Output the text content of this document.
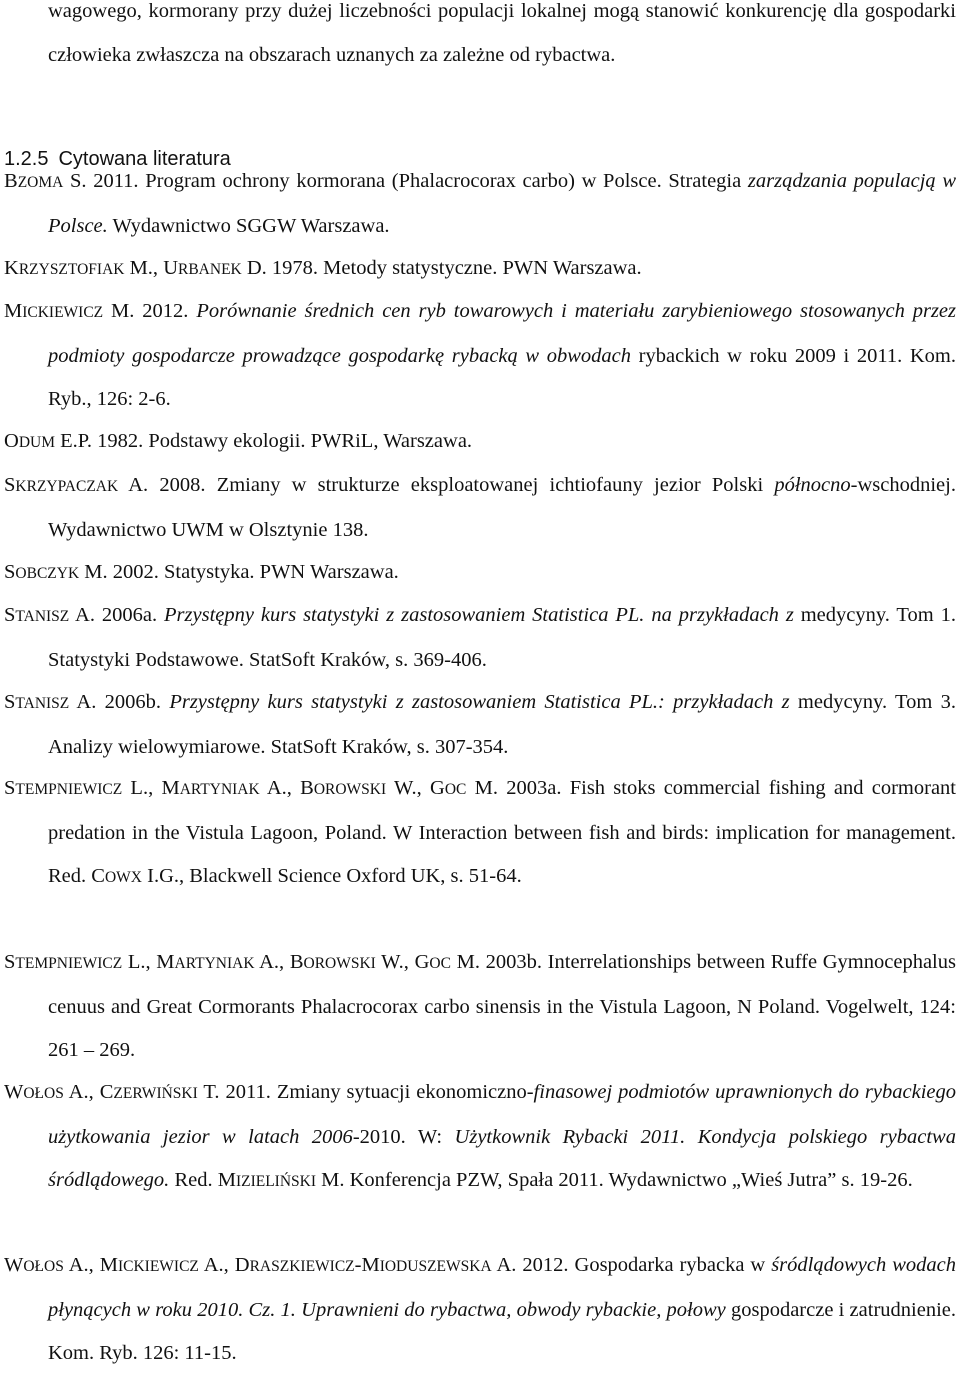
wagowego, kormorany przy dużej liczebności populacji lokalnej mogą stanowić konkurencję dla gospodarki człowieka zwłaszcza na obszarach uznanych za zależne od rybactwa.
1.2.5 Cytowana literatura
BZOMA S. 2011. Program ochrony kormorana (Phalacrocorax carbo) w Polsce. Strategia zarządzania populacją w Polsce. Wydawnictwo SGGW Warszawa.
KRZYSZTOFIAK M., URBANEK D. 1978. Metody statystyczne. PWN Warszawa.
MICKIEWICZ M. 2012. Porównanie średnich cen ryb towarowych i materiału zarybieniowego stosowanych przez podmioty gospodarcze prowadzące gospodarkę rybacką w obwodach rybackich w roku 2009 i 2011. Kom. Ryb., 126: 2-6.
ODUM E.P. 1982. Podstawy ekologii. PWRiL, Warszawa.
SKRZYPACZAK A. 2008. Zmiany w strukturze eksploatowanej ichtiofauny jezior Polski północno-wschodniej. Wydawnictwo UWM w Olsztynie 138.
SOBCZYK M. 2002. Statystyka. PWN Warszawa.
STANISZ A. 2006a. Przystępny kurs statystyki z zastosowaniem Statistica PL. na przykładach z medycyny. Tom 1. Statystyki Podstawowe. StatSoft Kraków, s. 369-406.
STANISZ A. 2006b. Przystępny kurs statystyki z zastosowaniem Statistica PL.: przykładach z medycyny. Tom 3. Analizy wielowymiarowe. StatSoft Kraków, s. 307-354.
STEMPNIEWICZ L., MARTYNIAK A., BOROWSKI W., GOC M. 2003a. Fish stoks commercial fishing and cormorant predation in the Vistula Lagoon, Poland. W Interaction between fish and birds: implication for management. Red. COWX I.G., Blackwell Science Oxford UK, s. 51-64.
STEMPNIEWICZ L., MARTYNIAK A., BOROWSKI W., GOC M. 2003b. Interrelationships between Ruffe Gymnocephalus cenuus and Great Cormorants Phalacrocorax carbo sinensis in the Vistula Lagoon, N Poland. Vogelwelt, 124: 261 – 269.
WOŁOS A., CZERWIŃSKI T. 2011. Zmiany sytuacji ekonomiczno-finasowej podmiotów uprawnionych do rybackiego użytkowania jezior w latach 2006-2010. W: Użytkownik Rybacki 2011. Kondycja polskiego rybactwa śródlądowego. Red. MIZIELIŃSKI M. Konferencja PZW, Spała 2011. Wydawnictwo „Wieś Jutra” s. 19-26.
WOŁOS A., MICKIEWICZ A., DRASZKIEWICZ-MIODUSZEWSKA A. 2012. Gospodarka rybacka w śródlądowych wodach płynących w roku 2010. Cz. 1. Uprawnieni do rybactwa, obwody rybackie, połowy gospodarcze i zatrudnienie. Kom. Ryb. 126: 11-15.
